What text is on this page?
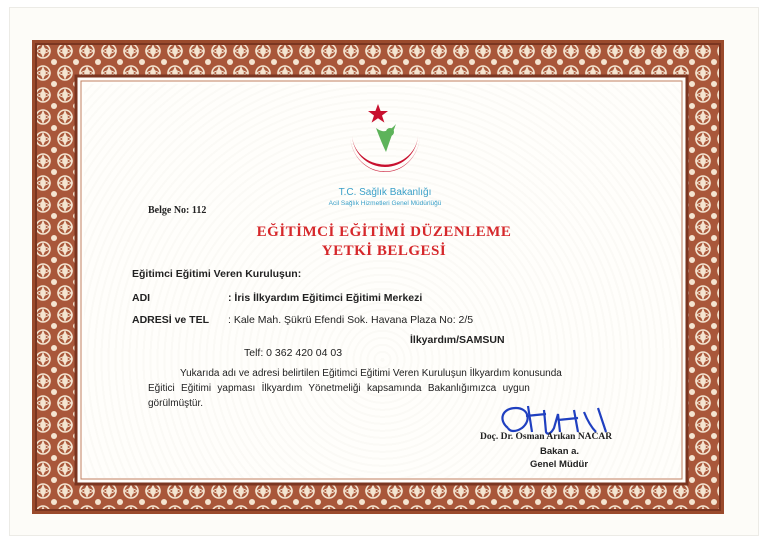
T.C. Sağlık Bakanlığı
Acil Sağlık Hizmetleri Genel Müdürlüğü
Belge No: 112
EĞİTİMCİ EĞİTİMİ DÜZENLEME
YETKİ BELGESİ
Eğitimci Eğitimi Veren Kuruluşun:
ADI	: İris İlkyardım Eğitimci Eğitimi Merkezi
ADRESİ ve TEL : Kale Mah. Şükrü Efendi Sok. Havana Plaza No: 2/5
İlkyardım/SAMSUN
Telf: 0 362 420 04 03
Yukarıda adı ve adresi belirtilen Eğitimci Eğitimi Veren Kuruluşun İlkyardım konusunda
Eğitici Eğitimi yapması İlkyardım Yönetmeliği kapsamında Bakanlığımızca uygun
görülmüştür.
Doç. Dr. Osman Arıkan NACAR
Bakan a.
Genel Müdür
